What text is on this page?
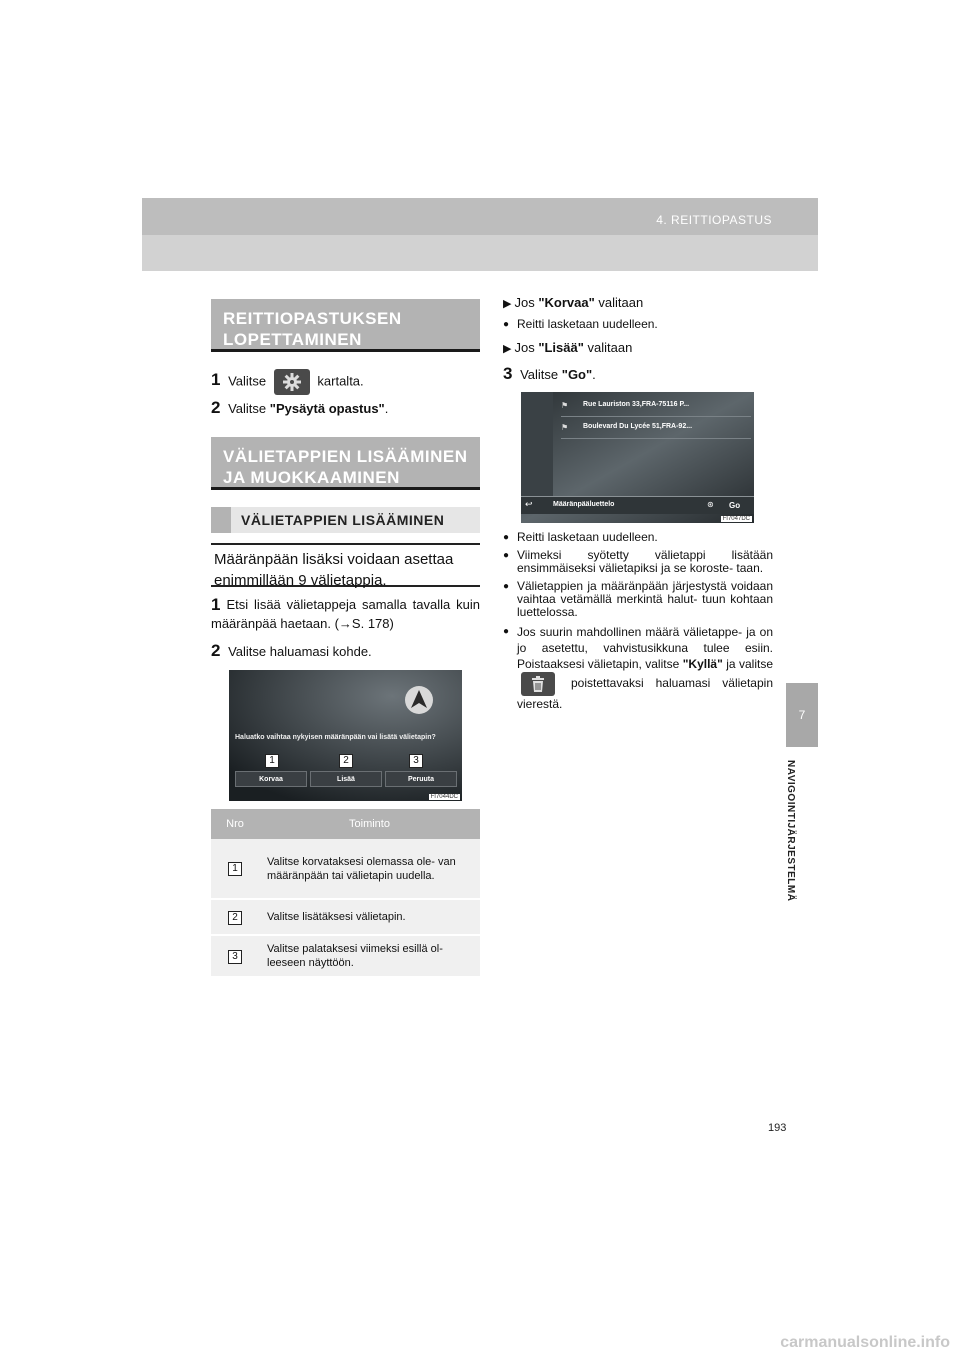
4. REITTIOPASTUS
7
NAVIGOINTIJÄRJESTELMÄ
REITTIOPASTUKSEN LOPETTAMINEN
1 Valitse	kartalta.
2 Valitse "Pysäytä opastus".
VÄLIETAPPIEN LISÄÄMINEN JA MUOKKAAMINEN
VÄLIETAPPIEN LISÄÄMINEN
Määränpään lisäksi voidaan asettaa enimmillään 9 välietappia.
1 Etsi lisää välietappeja samalla tavalla kuin määränpää haetaan. (→S. 178)
2 Valitse haluamasi kohde.
Haluatko vaihtaa nykyisen määränpään vai lisätä välietapin?
1	2	3
Korvaa	Lisää	Peruuta
FI7044DC
Nro	Toiminto
1	Valitse korvataksesi olemassa ole- van määränpään tai välietapin uudella.
2	Valitse lisätäksesi välietapin.
3	Valitse palataksesi viimeksi esillä ol- leeseen näyttöön.
▶ Jos "Korvaa" valitaan
● Reitti lasketaan uudelleen.
▶ Jos "Lisää" valitaan
3 Valitse "Go".
⚑ Rue Lauriston 33,FRA-75116 P...
⚑ Boulevard Du Lycée 51,FRA-92...
↩	Määränpääluettelo	⊛ Go
FI7047DC
● Reitti lasketaan uudelleen.
● Viimeksi syötetty välietappi lisätään ensimmäiseksi välietapiksi ja se koroste- taan.
● Välietappien ja määränpään järjestystä voidaan vaihtaa vetämällä merkintä halut- tuun kohtaan luettelossa.
● Jos suurin mahdollinen määrä välietappe- ja on jo asetettu, vahvistusikkuna tulee esiin. Poistaaksesi välietapin, valitse "Kyllä" ja valitse  poistettavaksi haluamasi välietapin vierestä.
193
carmanualsonline.info
